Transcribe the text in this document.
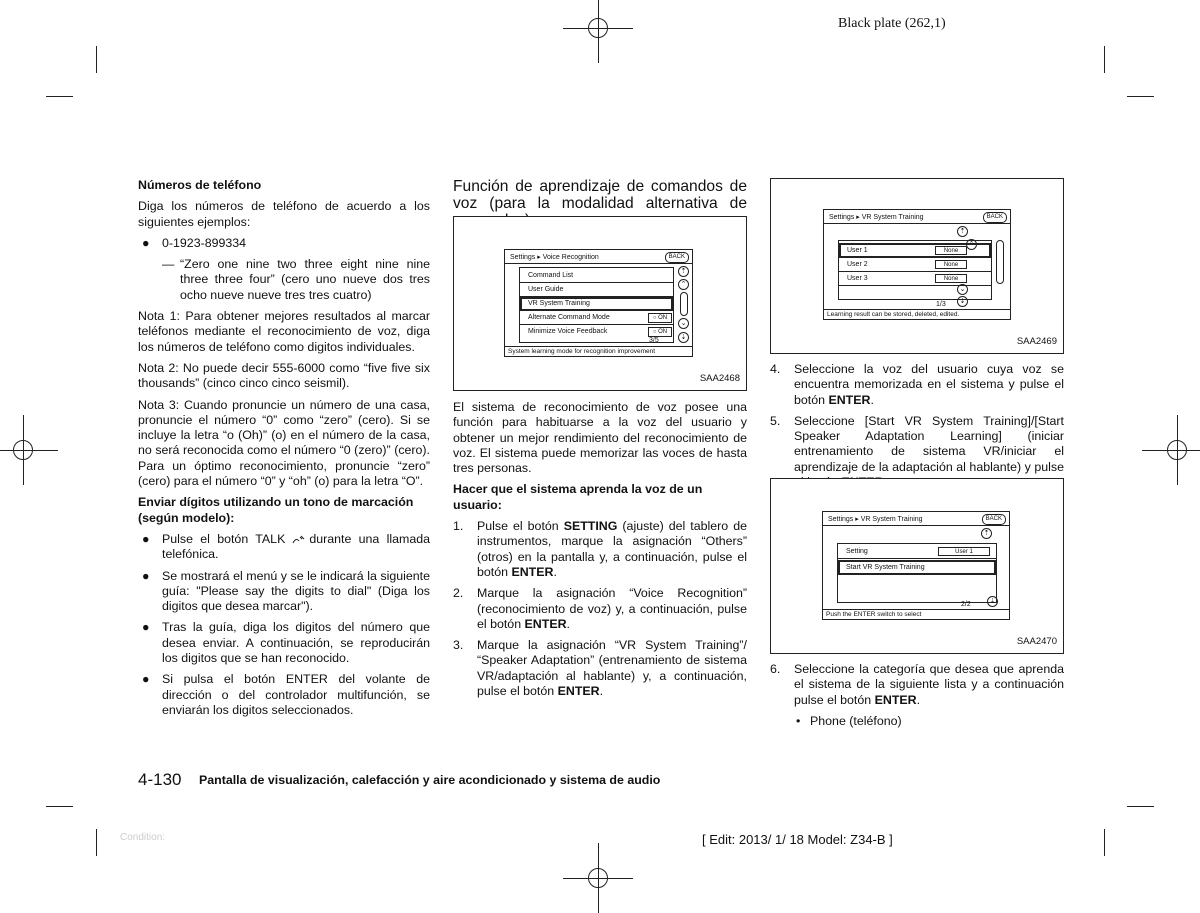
Black plate (262,1)
Números de teléfono

Diga los números de teléfono de acuerdo a los siguientes ejemplos:

● 0-1923-899334
— “Zero one nine two three eight nine nine three three four” (cero uno nueve dos tres ocho nueve nueve tres tres cuatro)

Nota 1: Para obtener mejores resultados al marcar teléfonos mediante el reconocimiento de voz, diga los números de teléfono como digitos individuales.

Nota 2: No puede decir 555-6000 como “five five six thousands” (cinco cinco cinco seismil).

Nota 3: Cuando pronuncie un número de una casa, pronuncie el número “0” como “zero” (cero). Si se incluye la letra “o (Oh)” (o) en el número de la casa, no será reconocida como el número “0 (zero)” (cero). Para un óptimo reconocimiento, pronuncie “zero” (cero) para el número “0” y “oh” (o) para la letra “O”.

Enviar dígitos utilizando un tono de marcación (según modelo):
● Pulse el botón TALK durante una llamada telefónica.
● Se mostrará el menú y se le indicará la siguiente guía: "Please say the digits to dial" (Diga los digitos que desea marcar").
● Tras la guía, diga los digitos del número que desea enviar. A continuación, se reproducirán los digitos que se han reconocido.
● Si pulsa el botón ENTER del volante de dirección o del controlador multifunción, se enviarán los digitos seleccionados.

Función de aprendizaje de comandos de voz (para la modalidad alternativa de

Settings ▸ Voice Recognition	BACK
Command List
User Guide
VR System Training
Alternate Command Mode	○ ON
Minimize Voice Feedback	○ ON
⇡
⌃
⌄
⇣
3/5
System learning mode for recognition improvement
SAA2468

El sistema de reconocimiento de voz posee una función para habituarse a la voz del usuario y obtener un mejor rendimiento del reconocimiento de voz. El sistema puede memorizar las voces de hasta tres personas.

Hacer que el sistema aprenda la voz de un usuario:
1. Pulse el botón SETTING (ajuste) del tablero de instrumentos, marque la asignación “Others” (otros) en la pantalla y, a continuación, pulse el botón ENTER.
2. Marque la asignación “Voice Recognition” (reconocimiento de voz) y, a continuación, pulse el botón ENTER.
3. Marque la asignación “VR System Training”/ “Speaker Adaptation” (entrenamiento de sistema VR/adaptación al hablante) y, a continuación, pulse el botón ENTER.
Settings ▸ VR System Training	BACK
User 1	None
User 2	None
User 3	None
⇡
⌃
⌄
⇣
1/3
Learning result can be stored, deleted, edited.
SAA2469
4. Seleccione la voz del usuario cuya voz se encuentra memorizada en el sistema y pulse el botón ENTER.
5. Seleccione [Start VR System Training]/[Start Speaker Adaptation Learning] (iniciar entrenamiento de sistema VR/iniciar el aprendizaje de la adaptación al hablante) y pulse
Settings ▸ VR System Training	BACK
Setting	User 1
Start VR System Training
⇡
⇣
2/2
Push the ENTER switch to select
SAA2470
6. Seleccione la categoría que desea que aprenda el sistema de la siguiente lista y a continuación pulse el botón ENTER.
• Phone (teléfono)
4-130 Pantalla de visualización, calefacción y aire acondicionado y sistema de audio
Condition:	[ Edit: 2013/ 1/ 18 Model: Z34-B ]
